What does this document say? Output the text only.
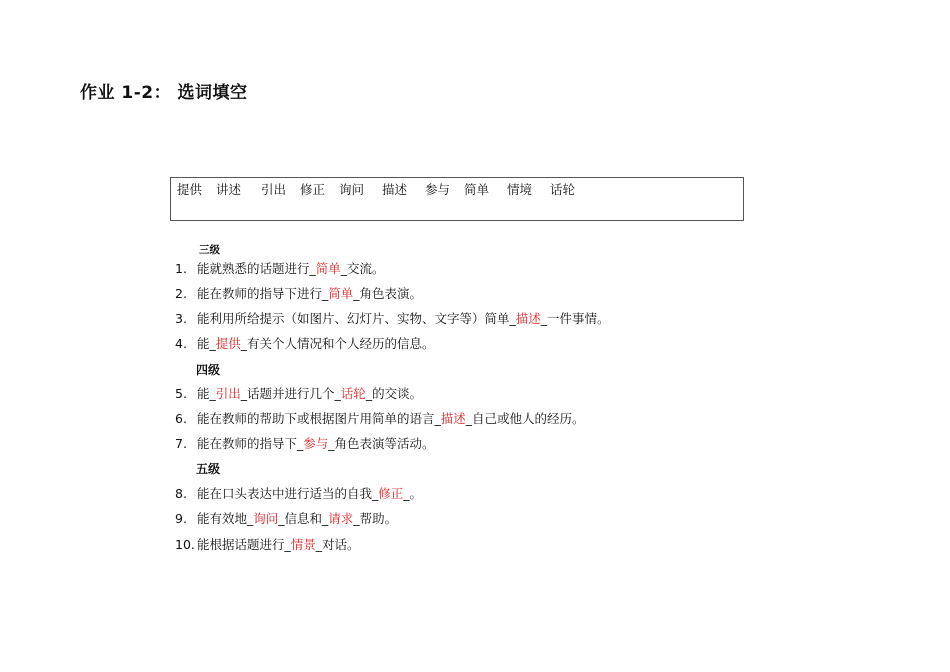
作业 1-2： 选词填空
提供 讲述 引出 修正 询问 描述 参与 简单 情境 话轮
三级
四级
五级
1. 能就熟悉的话题进行_简单_交流。
2. 能在教师的指导下进行_简单_角色表演。
3. 能利用所给提示（如图片、幻灯片、实物、文字等）简单_描述_一件事情。
4. 能_提供_有关个人情况和个人经历的信息。
5. 能_引出_话题并进行几个_话轮_的交谈。
6. 能在教师的帮助下或根据图片用简单的语言_描述_自己或他人的经历。
7. 能在教师的指导下_参与_角色表演等活动。
8. 能在口头表达中进行适当的自我_修正_。
9. 能有效地_询问_信息和_请求_帮助。
10. 能根据话题进行_情景_对话。
